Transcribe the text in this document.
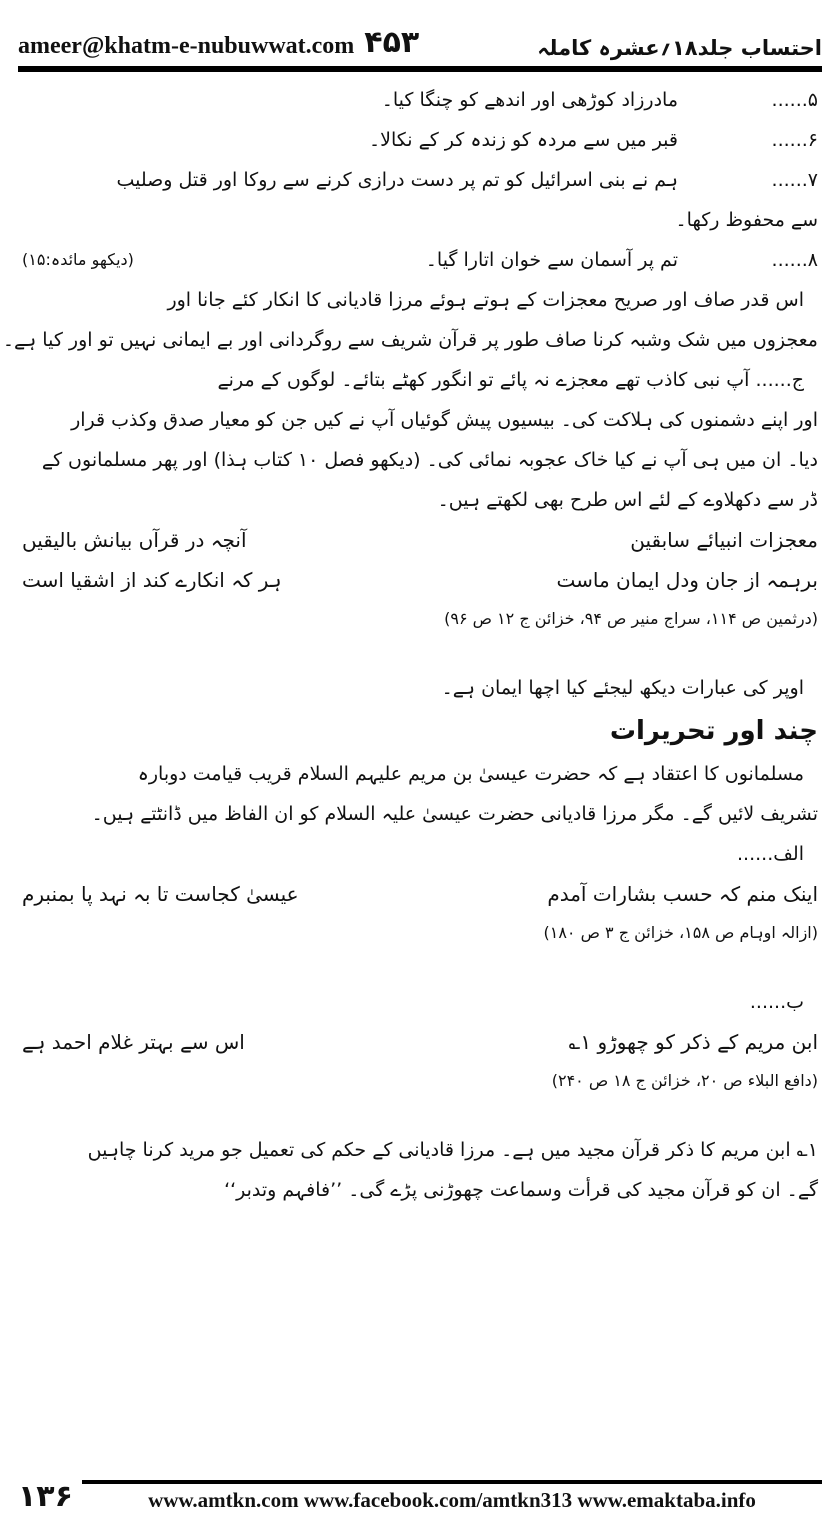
ameer@khatm-e-nubuwwat.com ۴۵۳	احتساب جلد۱۸؍عشرہ کاملہ
۵......
مادرزاد کوڑھی اور اندھے کو چنگا کیا۔
۶......
قبر میں سے مردہ کو زندہ کر کے نکالا۔
۷......
ہم نے بنی اسرائیل کو تم پر دست درازی کرنے سے روکا اور قتل وصلیب
سے محفوظ رکھا۔
۸......
تم پر آسمان سے خوان اتارا گیا۔
(دیکھو مائدہ:۱۵)
اس قدر صاف اور صریح معجزات کے ہوتے ہوئے مرزا قادیانی کا انکار کئے جانا اور
معجزوں میں شک وشبہ کرنا صاف طور پر قرآن شریف سے روگردانی اور بے ایمانی نہیں تو اور کیا ہے۔
ج...... آپ نبی کاذب تھے معجزے نہ پائے تو انگور کھٹے بتائے۔ لوگوں کے مرنے
اور اپنے دشمنوں کی ہلاکت کی۔ بیسیوں پیش گوئیاں آپ نے کیں جن کو معیار صدق وکذب قرار
دیا۔ ان میں ہی آپ نے کیا خاک عجوبہ نمائی کی۔ (دیکھو فصل ۱۰ کتاب ہذا) اور پھر مسلمانوں کے
ڈر سے دکھلاوے کے لئے اس طرح بھی لکھتے ہیں۔
معجزات انبیائے سابقین
آنچہ در قرآں بیانش بالیقیں
برہمہ از جان ودل ایمان ماست
ہر کہ انکارے کند از اشقیا است
(درثمین ص ۱۱۴، سراج منیر ص ۹۴، خزائن ج ۱۲ ص ۹۶)
اوپر کی عبارات دیکھ لیجئے کیا اچھا ایمان ہے۔
چند اور تحریرات
مسلمانوں کا اعتقاد ہے کہ حضرت عیسیٰ بن مریم علیہم السلام قریب قیامت دوبارہ
تشریف لائیں گے۔ مگر مرزا قادیانی حضرت عیسیٰ علیہ السلام کو ان الفاظ میں ڈانٹتے ہیں۔
الف......
اینک منم کہ حسب بشارات آمدم
عیسیٰ کجاست تا بہ نہد پا بمنبرم
(ازالہ اوہام ص ۱۵۸، خزائن ج ۳ ص ۱۸۰)
ب......
ابن مریم کے ذکر کو چھوڑو ۱؎
اس سے بہتر غلام احمد ہے
(دافع البلاء ص ۲۰، خزائن ج ۱۸ ص ۲۴۰)
۱؎ ابن مریم کا ذکر قرآن مجید میں ہے۔ مرزا قادیانی کے حکم کی تعمیل جو مرید کرنا چاہیں
گے۔ ان کو قرآن مجید کی قرأت وسماعت چھوڑنی پڑے گی۔ ’’فافہم وتدبر‘‘
۱۳۶	www.amtkn.com www.facebook.com/amtkn313 www.emaktaba.info
